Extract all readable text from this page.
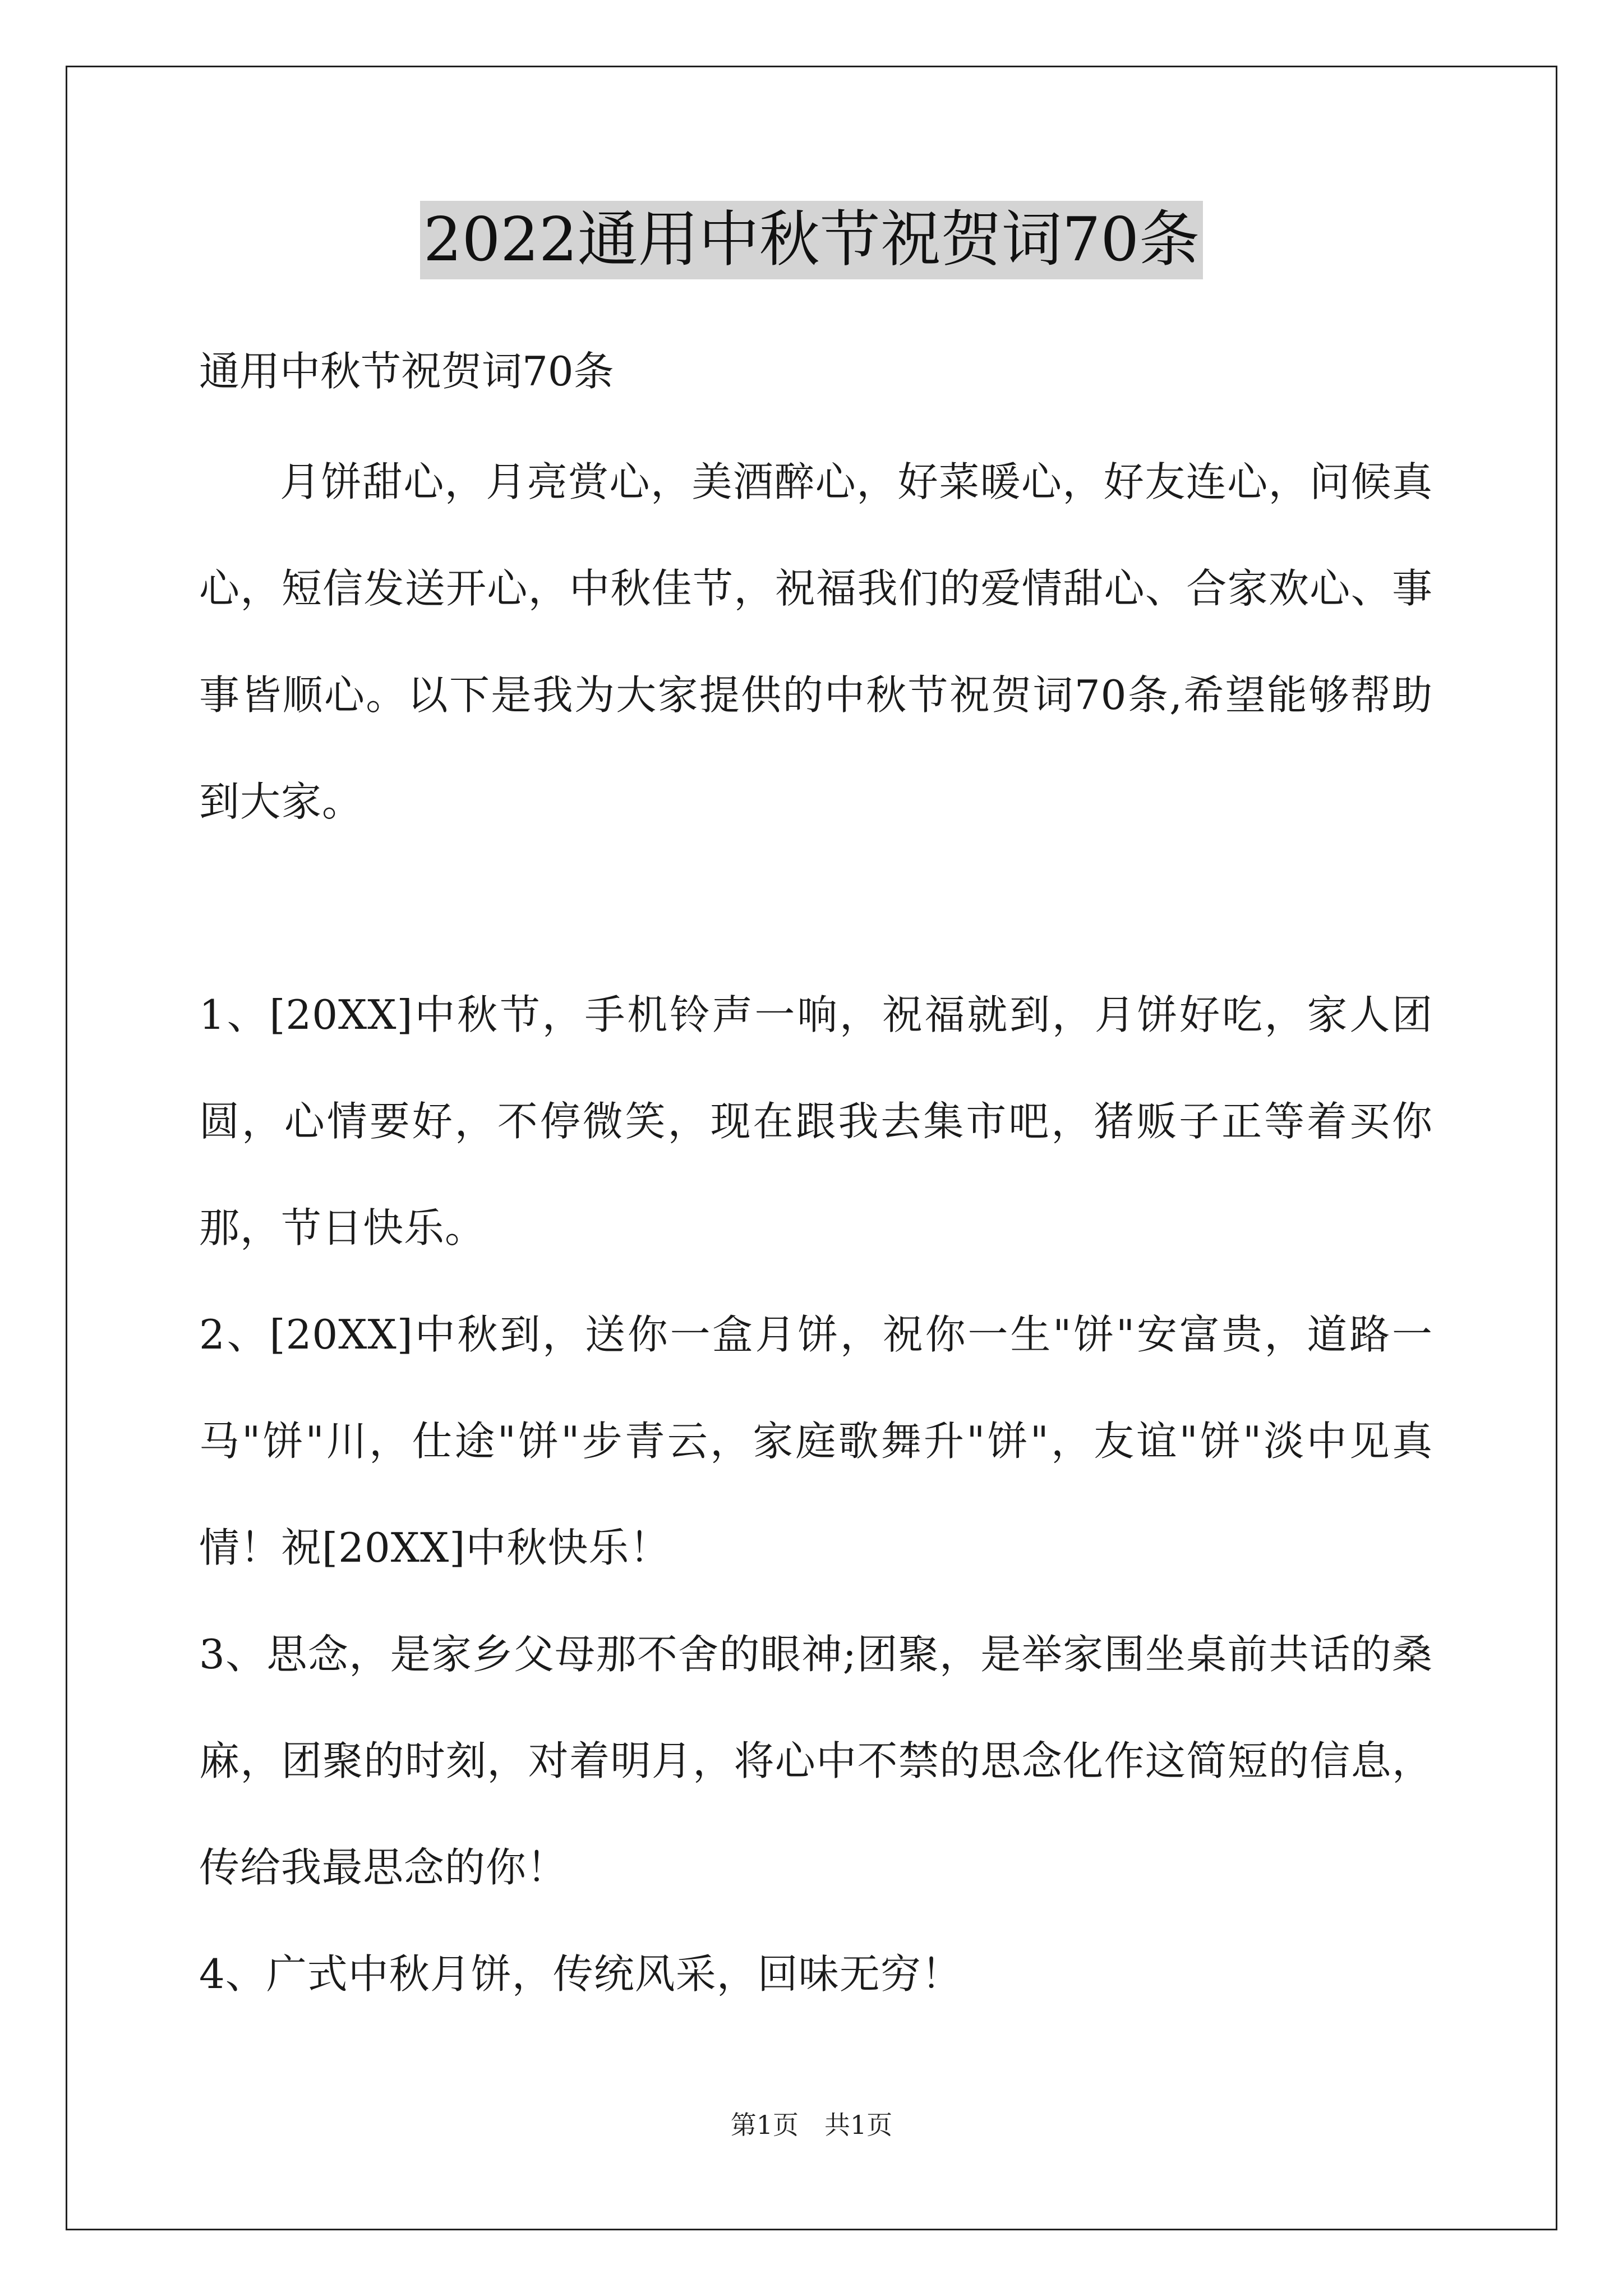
2022通用中秋节祝贺词70条

通用中秋节祝贺词70条

月饼甜心，月亮赏心，美酒醉心，好菜暖心，好友连心，问候真心，短信发送开心，中秋佳节，祝福我们的爱情甜心、合家欢心、事事皆顺心。以下是我为大家提供的中秋节祝贺词70条,希望能够帮助到大家。

1、[20XX]中秋节，手机铃声一响，祝福就到，月饼好吃，家人团圆，心情要好，不停微笑，现在跟我去集市吧，猪贩子正等着买你那，节日快乐。

2、[20XX]中秋到，送你一盒月饼，祝你一生"饼"安富贵，道路一马"饼"川，仕途"饼"步青云，家庭歌舞升"饼"，友谊"饼"淡中见真情！祝[20XX]中秋快乐！

3、思念，是家乡父母那不舍的眼神;团聚，是举家围坐桌前共话的桑麻，团聚的时刻，对着明月，将心中不禁的思念化作这简短的信息，传给我最思念的你！

4、广式中秋月饼，传统风采，回味无穷！

第1页　共1页
